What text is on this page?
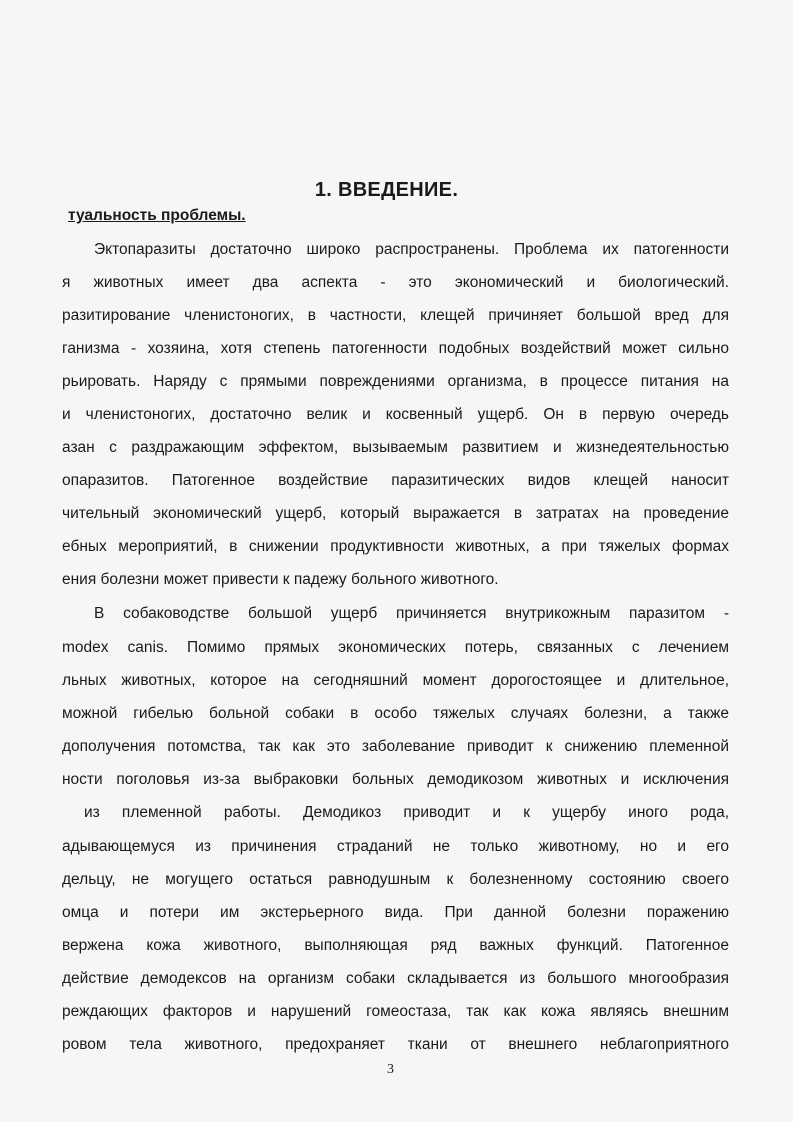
1. ВВЕДЕНИЕ.
туальность проблемы.
Эктопаразиты достаточно широко распространены. Проблема их патогенности
я животных имеет два аспекта - это экономический и биологический.
разитирование членистоногих, в частности, клещей причиняет большой вред для
ганизма - хозяина, хотя степень патогенности подобных воздействий может сильно
рьировать. Наряду с прямыми повреждениями организма, в процессе питания на
и членистоногих, достаточно велик и косвенный ущерб. Он в первую очередь
азан с раздражающим эффектом, вызываемым развитием и жизнедеятельностью
опаразитов. Патогенное воздействие паразитических видов клещей наносит
чительный экономический ущерб, который выражается в затратах на проведение
ебных мероприятий, в снижении продуктивности животных, а при тяжелых формах
ения болезни может привести к падежу больного животного.
В собаководстве большой ущерб причиняется внутрикожным паразитом -
modex canis. Помимо прямых экономических потерь, связанных с лечением
льных животных, которое на сегодняшний момент дорогостоящее и длительное,
можной гибелью больной собаки в особо тяжелых случаях болезни, а также
дополучения потомства, так как это заболевание приводит к снижению племенной
ности поголовья из-за выбраковки больных демодикозом животных и исключения
из племенной работы. Демодикоз приводит и к ущербу иного рода,
адывающемуся из причинения страданий не только животному, но и его
дельцу, не могущего остаться равнодушным к болезненному состоянию своего
омца и потери им экстерьерного вида. При данной болезни поражению
вержена кожа животного, выполняющая ряд важных функций. Патогенное
действие демодексов на организм собаки складывается из большого многообразия
реждающих факторов и нарушений гомеостаза, так как кожа являясь внешним
ровом тела животного, предохраняет ткани от внешнего неблагоприятного
3
